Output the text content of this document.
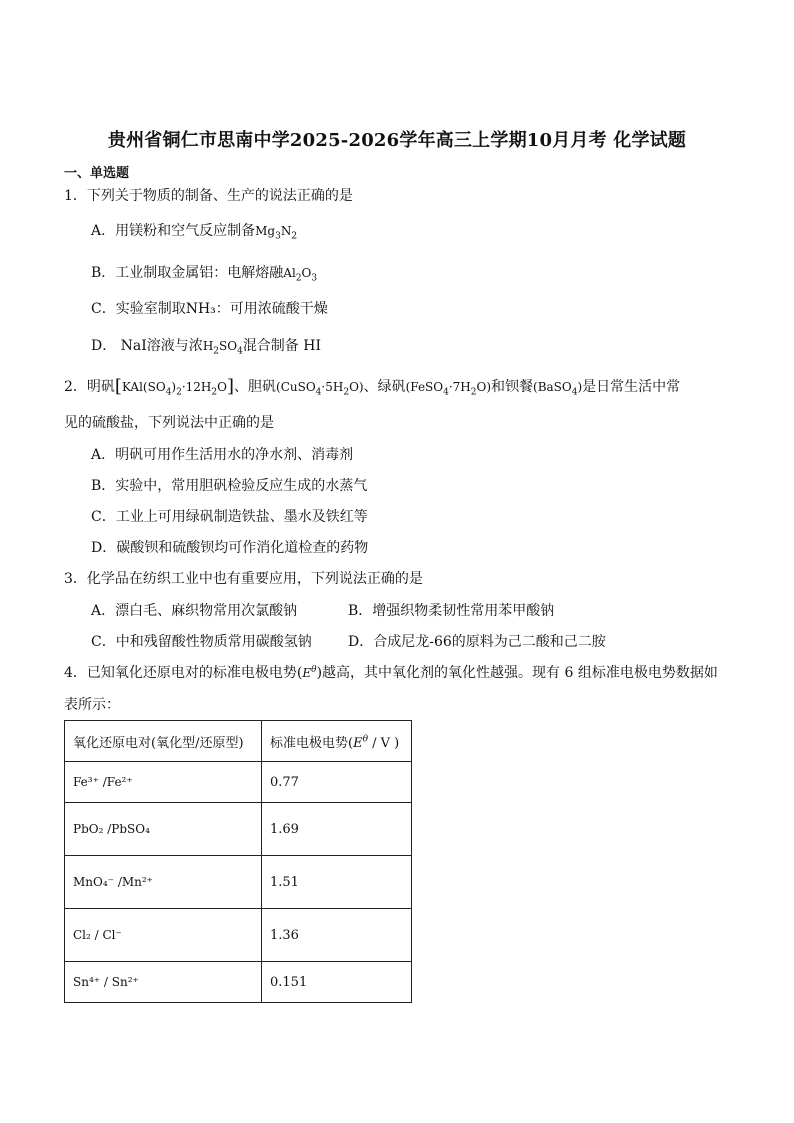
贵州省铜仁市思南中学2025-2026学年高三上学期10月月考 化学试题
一、单选题
1．下列关于物质的制备、生产的说法正确的是
A．用镁粉和空气反应制备$Mg_3N_2$
B．工业制取金属铝：电解熔融$Al_2O_3$
C．实验室制取NH₃：可用浓硫酸干燥
D． NaI溶液与浓$H_2SO_4$混合制备 HI
2．明矾$[KAl(SO_4)_2\cdot 12H_2O]$、胆矾$(CuSO_4\cdot 5H_2O)$、绿矾$(FeSO_4\cdot 7H_2O)$和钡餐(BaSO$_4$)是日常生活中常
见的硫酸盐，下列说法中正确的是
A．明矾可用作生活用水的净水剂、消毒剂
B．实验中，常用胆矾检验反应生成的水蒸气
C．工业上可用绿矾制造铁盐、墨水及铁红等
D．碳酸钡和硫酸钡均可作消化道检查的药物
3．化学品在纺织工业中也有重要应用，下列说法正确的是
A．漂白毛、麻织物常用次氯酸钠	B．增强织物柔韧性常用苯甲酸钠
C．中和残留酸性物质常用碳酸氢钠	D．合成尼龙-66的原料为己二酸和己二胺
4．已知氧化还原电对的标准电极电势$(E^\theta)$越高，其中氧化剂的氧化性越强。现有 6 组标准电极电势数据如
表所示：
氧化还原电对(氧化型/还原型)	标准电极电势($E^\theta$ / V )
Fe³⁺ /Fe²⁺	0.77
PbO₂ /PbSO₄	1.69
MnO₄⁻ /Mn²⁺	1.51
Cl₂ / Cl⁻	1.36
Sn⁴⁺ / Sn²⁺	0.151
